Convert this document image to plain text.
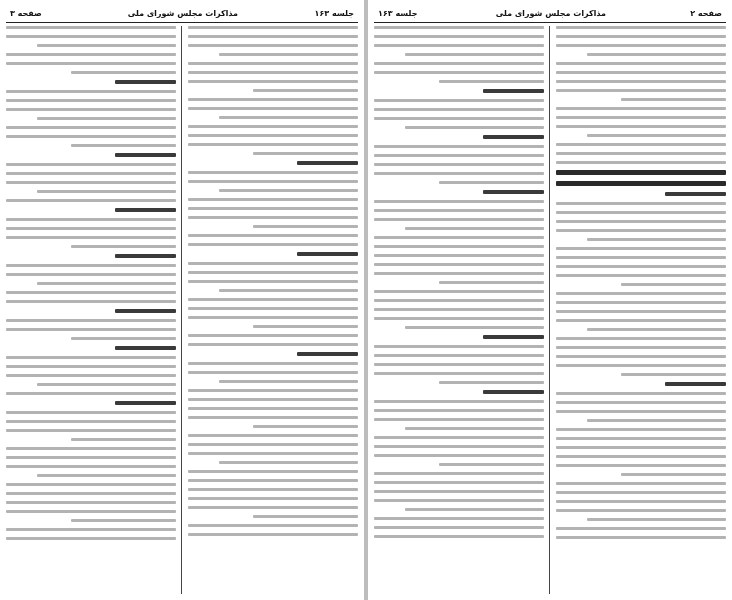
جلسه ۱۶۳
مذاکرات مجلس شورای ملی
صفحه ۳	صفحه ۲
مذاکرات مجلس شورای ملی
جلسه ۱۶۳
